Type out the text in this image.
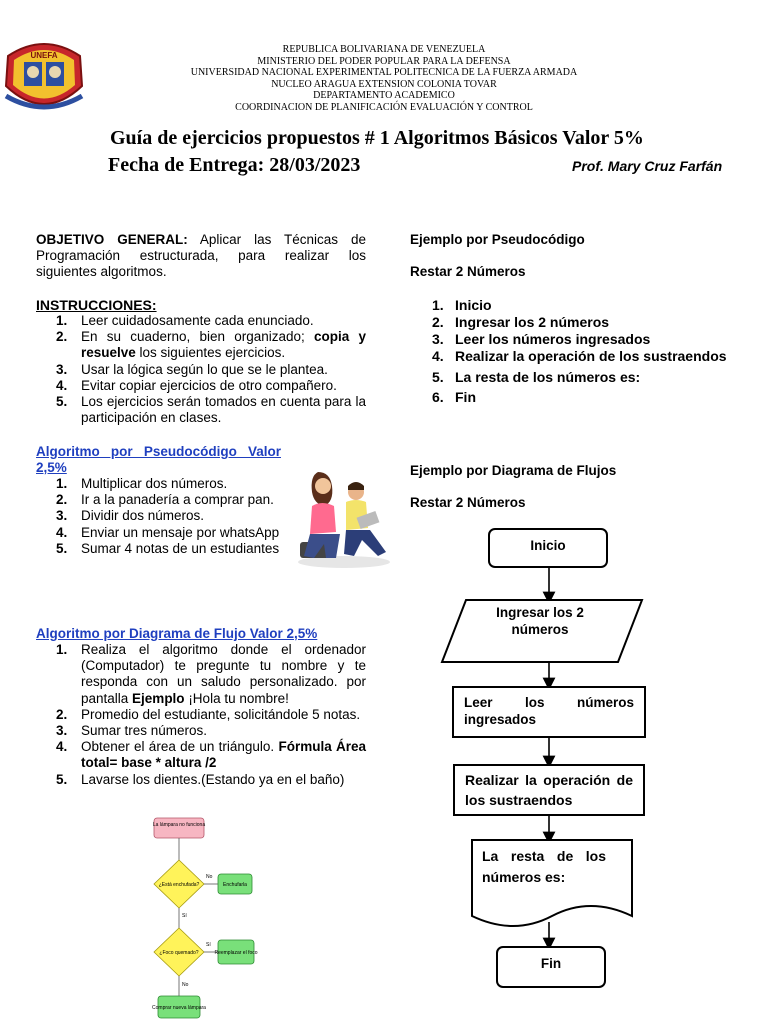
UNEFA
REPUBLICA BOLIVARIANA DE VENEZUELA
MINISTERIO DEL PODER POPULAR PARA LA DEFENSA
UNIVERSIDAD NACIONAL EXPERIMENTAL POLITECNICA DE LA FUERZA ARMADA
NUCLEO ARAGUA EXTENSION COLONIA TOVAR
DEPARTAMENTO ACADEMICO
COORDINACION DE PLANIFICACIÓN EVALUACIÓN Y CONTROL
Guía de ejercicios propuestos # 1 Algoritmos Básicos Valor 5%
Fecha de Entrega: 28/03/2023	Prof. Mary Cruz Farfán
OBJETIVO GENERAL: Aplicar las Técnicas de Programación estructurada, para realizar los siguientes algoritmos.
INSTRUCCIONES:
1. Leer cuidadosamente cada enunciado.
2. En su cuaderno, bien organizado; copia y resuelve los siguientes ejercicios.
3. Usar la lógica según lo que se le plantea.
4. Evitar copiar ejercicios de otro compañero.
5. Los ejercicios serán tomados en cuenta para la participación en clases.
Algoritmo por Pseudocódigo Valor 2,5%
1. Multiplicar dos números.
2. Ir a la panadería a comprar pan.
3. Dividir dos números.
4. Enviar un mensaje por whatsApp
5. Sumar 4 notas de un estudiantes
Algoritmo por Diagrama de Flujo Valor 2,5%
1. Realiza el algoritmo donde el ordenador (Computador) te pregunte tu nombre y te responda con un saludo personalizado. por pantalla Ejemplo ¡Hola tu nombre!
2. Promedio del estudiante, solicitándole 5 notas.
3. Sumar tres números.
4. Obtener el área de un triángulo. Fórmula Área total= base * altura /2
5. Lavarse los dientes.(Estando ya en el baño)
La lámpara no funciona
¿Está enchufada?
No
Enchufarla
Sí
¿Foco quemado?
Sí
Reemplazar el foco
No
Comprar nueva lámpara
Ejemplo por Pseudocódigo
Restar 2 Números
1. Inicio
2. Ingresar los 2 números
3. Leer los números ingresados
4. Realizar la operación de los sustraendos
5. La resta de los números es:
6. Fin
Ejemplo por Diagrama de Flujos
Restar 2 Números
Inicio
Ingresar los 2 números
Leer los números ingresados
Realizar la operación de los sustraendos
La resta de los números es:
Fin
